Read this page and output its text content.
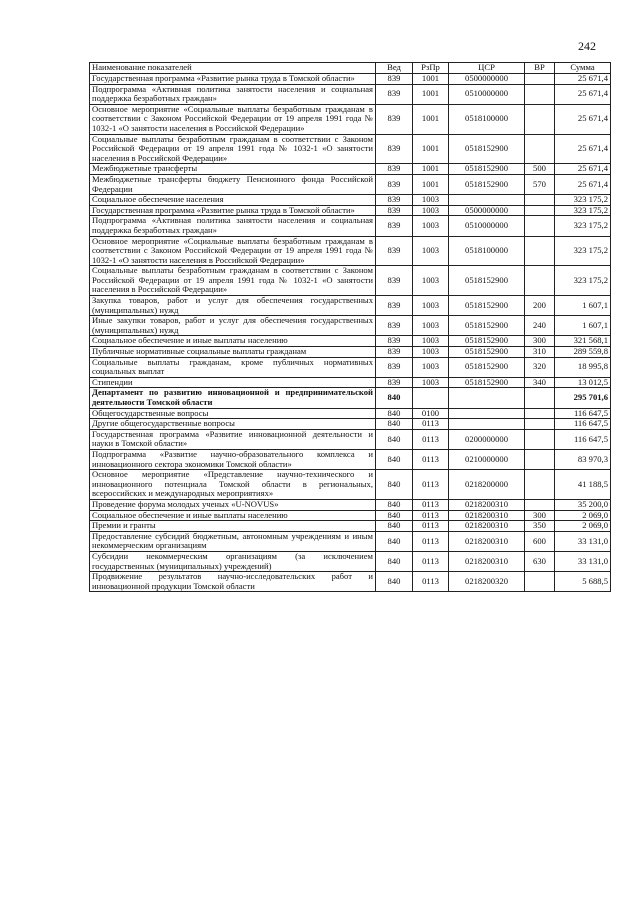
242
Наименование показателей	Вед	РзПр	ЦСР	ВР	Сумма
Государственная программа «Развитие рынка труда в Томской области»	839	1001	0500000000		25 671,4
Подпрограмма «Активная политика занятости населения и социальная поддержка безработных граждан»	839	1001	0510000000		25 671,4
Основное мероприятие «Социальные выплаты безработным гражданам в соответствии с Законом Российской Федерации от 19 апреля 1991 года № 1032-1 «О занятости населения в Российской Федерации»	839	1001	0518100000		25 671,4
Социальные выплаты безработным гражданам в соответствии с Законом Российской Федерации от 19 апреля 1991 года № 1032-1 «О занятости населения в Российской Федерации»	839	1001	0518152900		25 671,4
Межбюджетные трансферты	839	1001	0518152900	500	25 671,4
Межбюджетные трансферты бюджету Пенсионного фонда Российской Федерации	839	1001	0518152900	570	25 671,4
Социальное обеспечение населения	839	1003			323 175,2
Государственная программа «Развитие рынка труда в Томской области»	839	1003	0500000000		323 175,2
Подпрограмма «Активная политика занятости населения и социальная поддержка безработных граждан»	839	1003	0510000000		323 175,2
Основное мероприятие «Социальные выплаты безработным гражданам в соответствии с Законом Российской Федерации от 19 апреля 1991 года № 1032-1 «О занятости населения в Российской Федерации»	839	1003	0518100000		323 175,2
Социальные выплаты безработным гражданам в соответствии с Законом Российской Федерации от 19 апреля 1991 года № 1032-1 «О занятости населения в Российской Федерации»	839	1003	0518152900		323 175,2
Закупка товаров, работ и услуг для обеспечения государственных (муниципальных) нужд	839	1003	0518152900	200	1 607,1
Иные закупки товаров, работ и услуг для обеспечения государственных (муниципальных) нужд	839	1003	0518152900	240	1 607,1
Социальное обеспечение и иные выплаты населению	839	1003	0518152900	300	321 568,1
Публичные нормативные социальные выплаты гражданам	839	1003	0518152900	310	289 559,8
Социальные выплаты гражданам, кроме публичных нормативных социальных выплат	839	1003	0518152900	320	18 995,8
Стипендии	839	1003	0518152900	340	13 012,5
Департамент по развитию инновационной и предпринимательской деятельности Томской области	840				295 701,6
Общегосударственные вопросы	840	0100			116 647,5
Другие общегосударственные вопросы	840	0113			116 647,5
Государственная программа «Развитие инновационной деятельности и науки в Томской области»	840	0113	0200000000		116 647,5
Подпрограмма «Развитие научно-образовательного комплекса и инновационного сектора экономики Томской области»	840	0113	0210000000		83 970,3
Основное мероприятие «Представление научно-технического и инновационного потенциала Томской области в региональных, всероссийских и международных мероприятиях»	840	0113	0218200000		41 188,5
Проведение форума молодых ученых «U-NOVUS»	840	0113	0218200310		35 200,0
Социальное обеспечение и иные выплаты населению	840	0113	0218200310	300	2 069,0
Премии и гранты	840	0113	0218200310	350	2 069,0
Предоставление субсидий бюджетным, автономным учреждениям и иным некоммерческим организациям	840	0113	0218200310	600	33 131,0
Субсидии некоммерческим организациям (за исключением государственных (муниципальных) учреждений)	840	0113	0218200310	630	33 131,0
Продвижение результатов научно-исследовательских работ и инновационной продукции Томской области	840	0113	0218200320		5 688,5
